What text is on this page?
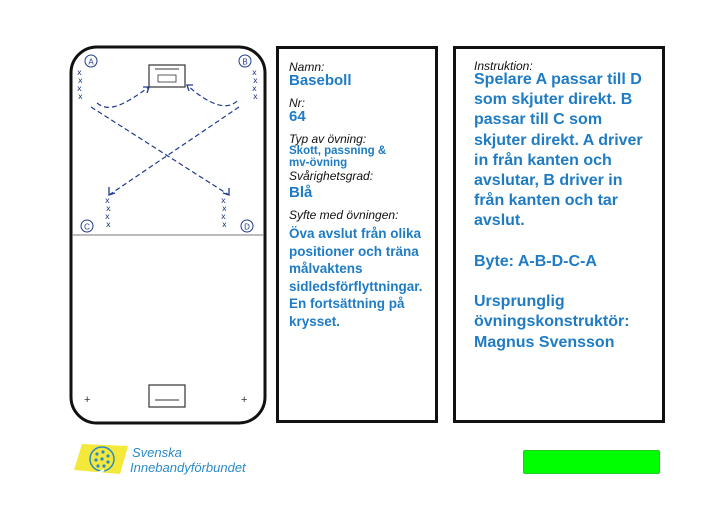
+	+
x
x
x
x
x
x
x
x
x
x
x
x
x
x
x
x
A	B
C	D
Namn:
Baseboll
Nr:
64
Typ av övning:
Skott, passning &
mv-övning
Svårighetsgrad:
Blå
Syfte med övningen:
Öva avslut från olika
positioner och träna
målvaktens
sidledsförflyttningar.
En fortsättning på
krysset.
Instruktion:
Spelare A passar till D
som skjuter direkt. B
passar till C som
skjuter direkt. A driver
in från kanten och
avslutar, B driver in
från kanten och tar
avslut.

Byte: A-B-D-C-A

Ursprunglig
övningskonstruktör:
Magnus Svensson
Svenska
Innebandyförbundet
